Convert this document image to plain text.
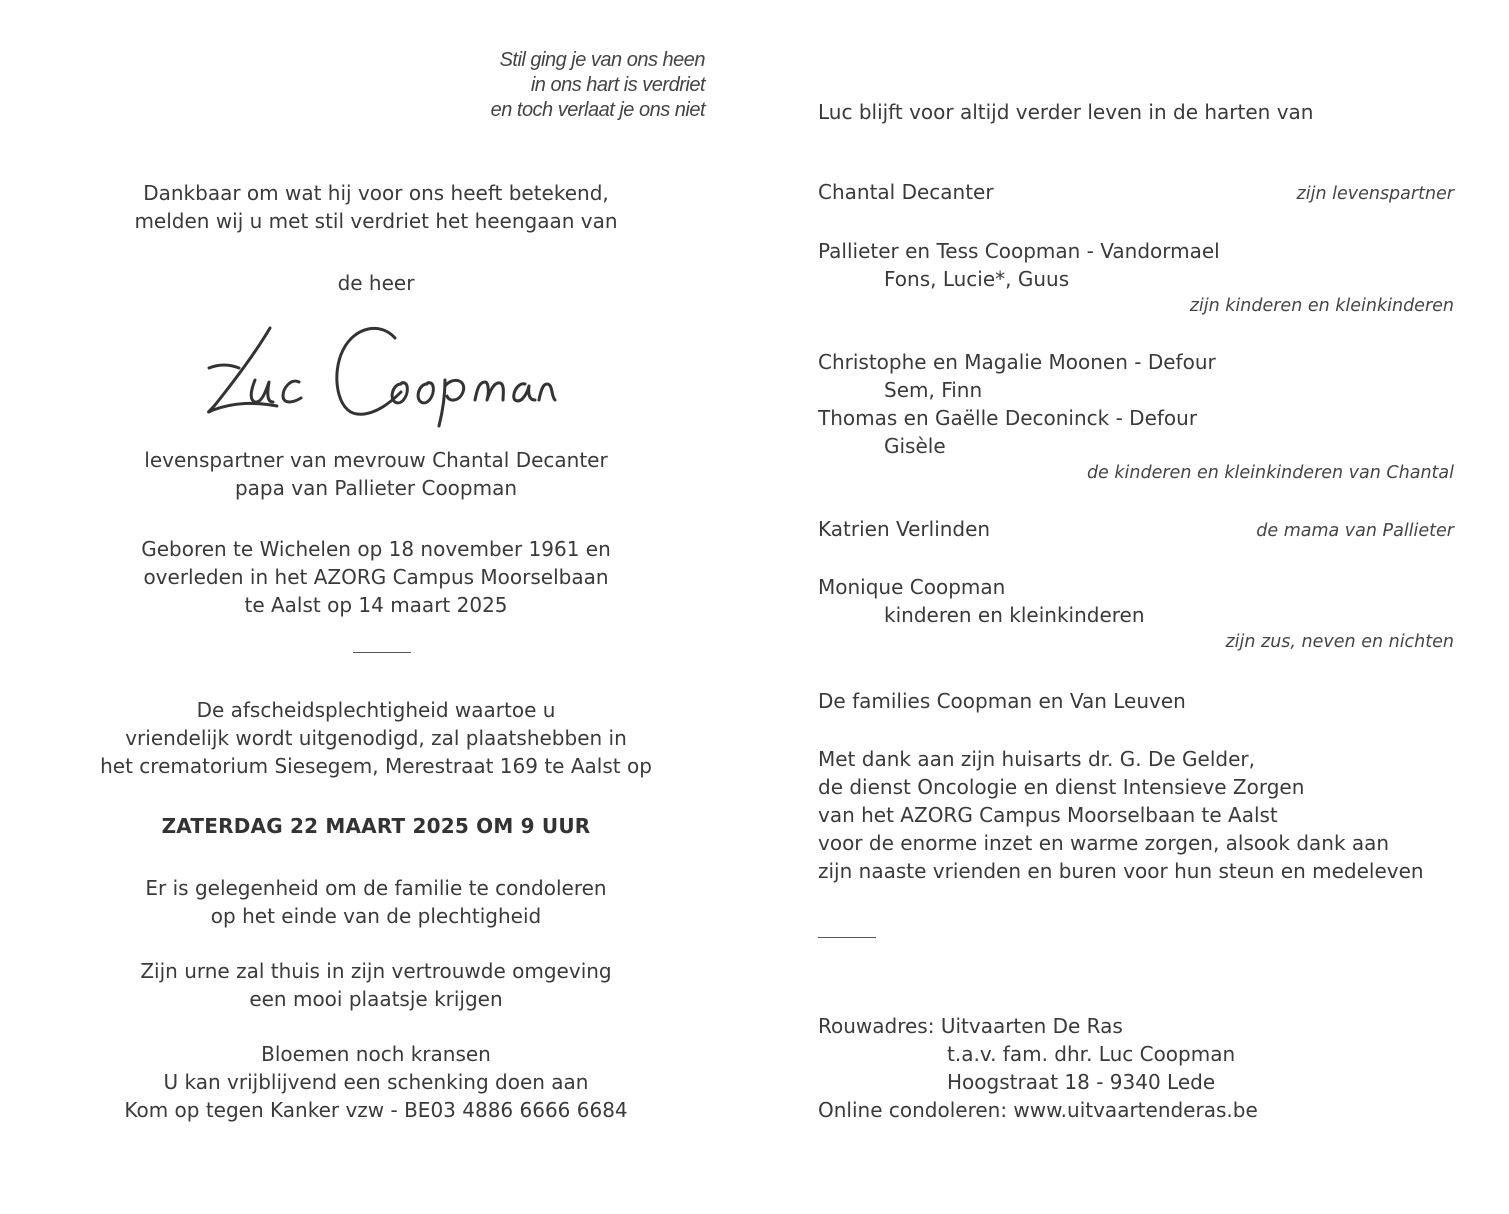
Stil ging je van ons heen
in ons hart is verdriet
en toch verlaat je ons niet
Dankbaar om wat hij voor ons heeft betekend,
melden wij u met stil verdriet het heengaan van
de heer
levenspartner van mevrouw Chantal Decanter
papa van Pallieter Coopman
Geboren te Wichelen op 18 november 1961 en
overleden in het AZORG Campus Moorselbaan
te Aalst op 14 maart 2025
De afscheidsplechtigheid waartoe u
vriendelijk wordt uitgenodigd, zal plaatshebben in
het crematorium Siesegem, Merestraat 169 te Aalst op
ZATERDAG 22 MAART 2025 OM 9 UUR
Er is gelegenheid om de familie te condoleren
op het einde van de plechtigheid
Zijn urne zal thuis in zijn vertrouwde omgeving
een mooi plaatsje krijgen
Bloemen noch kransen
U kan vrijblijvend een schenking doen aan
Kom op tegen Kanker vzw - BE03 4886 6666 6684
Luc blijft voor altijd verder leven in de harten van
Chantal Decanter	zijn levenspartner
Pallieter en Tess Coopman - Vandormael
Fons, Lucie*, Guus
zijn kinderen en kleinkinderen
Christophe en Magalie Moonen - Defour
Sem, Finn
Thomas en Gaëlle Deconinck - Defour
Gisèle
de kinderen en kleinkinderen van Chantal
Katrien Verlinden	de mama van Pallieter
Monique Coopman
kinderen en kleinkinderen
zijn zus, neven en nichten
De families Coopman en Van Leuven
Met dank aan zijn huisarts dr. G. De Gelder,
de dienst Oncologie en dienst Intensieve Zorgen
van het AZORG Campus Moorselbaan te Aalst
voor de enorme inzet en warme zorgen, alsook dank aan
zijn naaste vrienden en buren voor hun steun en medeleven
Rouwadres: Uitvaarten De Ras
t.a.v. fam. dhr. Luc Coopman
Hoogstraat 18 - 9340 Lede
Online condoleren: www.uitvaartenderas.be
